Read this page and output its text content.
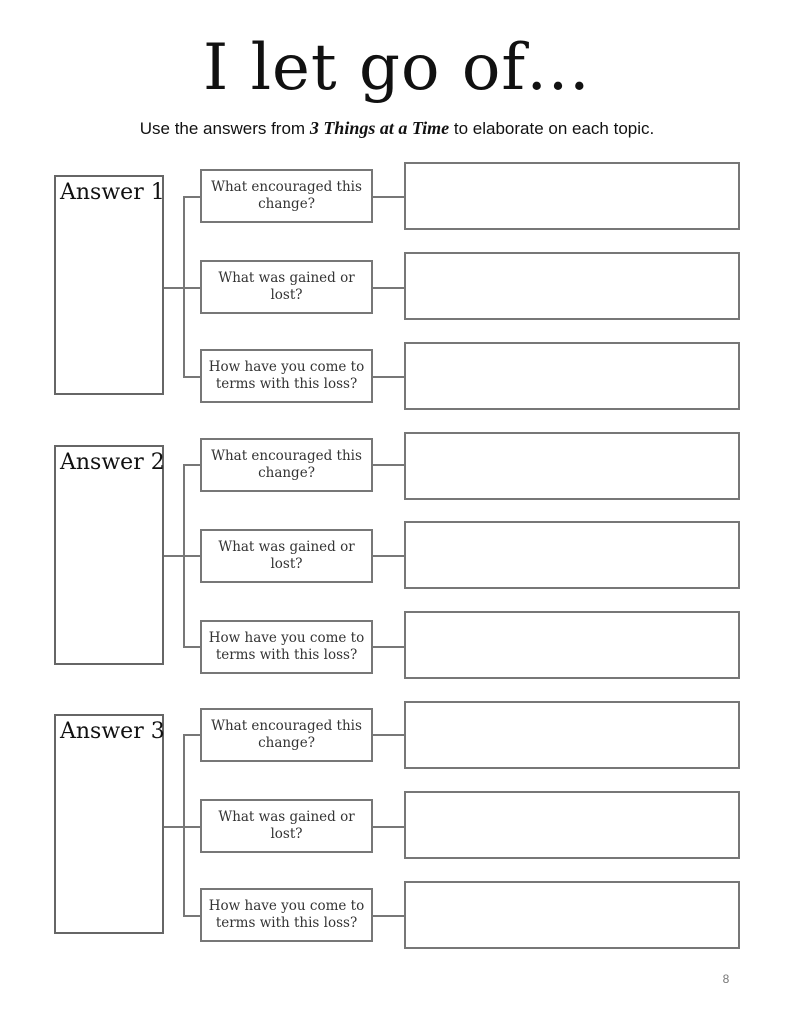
I let go of…
Use the answers from 3 Things at a Time to elaborate on each topic.
Answer 1	What encouraged this change?
What was gained or lost?
How have you come to terms with this loss?
Answer 2	What encouraged this change?
What was gained or lost?
How have you come to terms with this loss?
Answer 3	What encouraged this change?
What was gained or lost?
How have you come to terms with this loss?
8
